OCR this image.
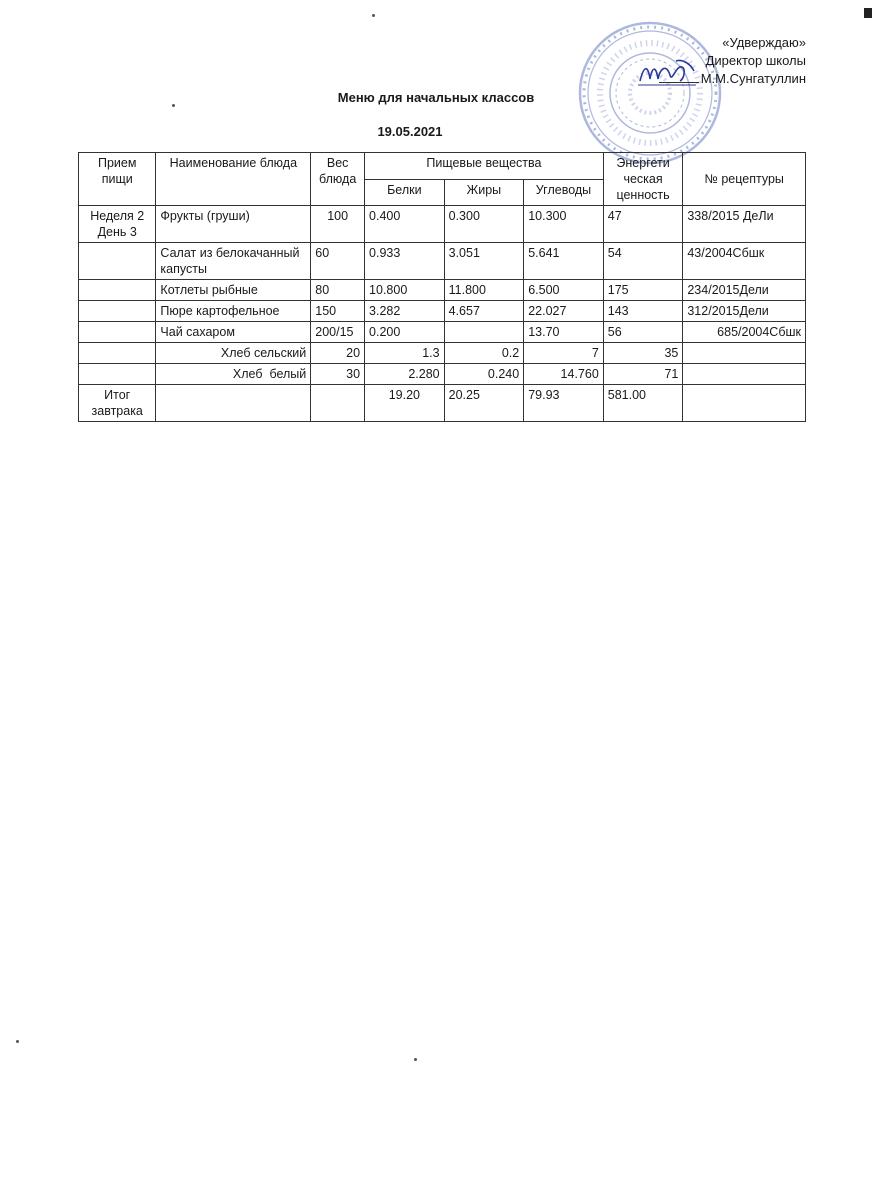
«Удверждаю»
Директор школы
М.М.Сунгатуллин
Меню для начальных классов
19.05.2021
Прием пищи	Наименование блюда	Вес блюда	Пищевые вещества			Энергети ческая ценность	№ рецептуры
			Белки	Жиры	Углеводы		
Неделя 2 День 3	Фрукты (груши)	100	0.400	0.300	10.300	47	338/2015 ДеЛи
	Салат из белокачанный капусты	60	0.933	3.051	5.641	54	43/2004Сбшк
	Котлеты рыбные	80	10.800	11.800	6.500	175	234/2015Дели
	Пюре картофельное	150	3.282	4.657	22.027	143	312/2015Дели
	Чай сахаром	200/15	0.200		13.70	56	685/2004Сбшк
	Хлеб сельский	20	1.3	0.2	7	35	
	Хлеб  белый	30	2.280	0.240	14.760	71	
Итог завтрака			19.20	20.25	79.93	581.00	
